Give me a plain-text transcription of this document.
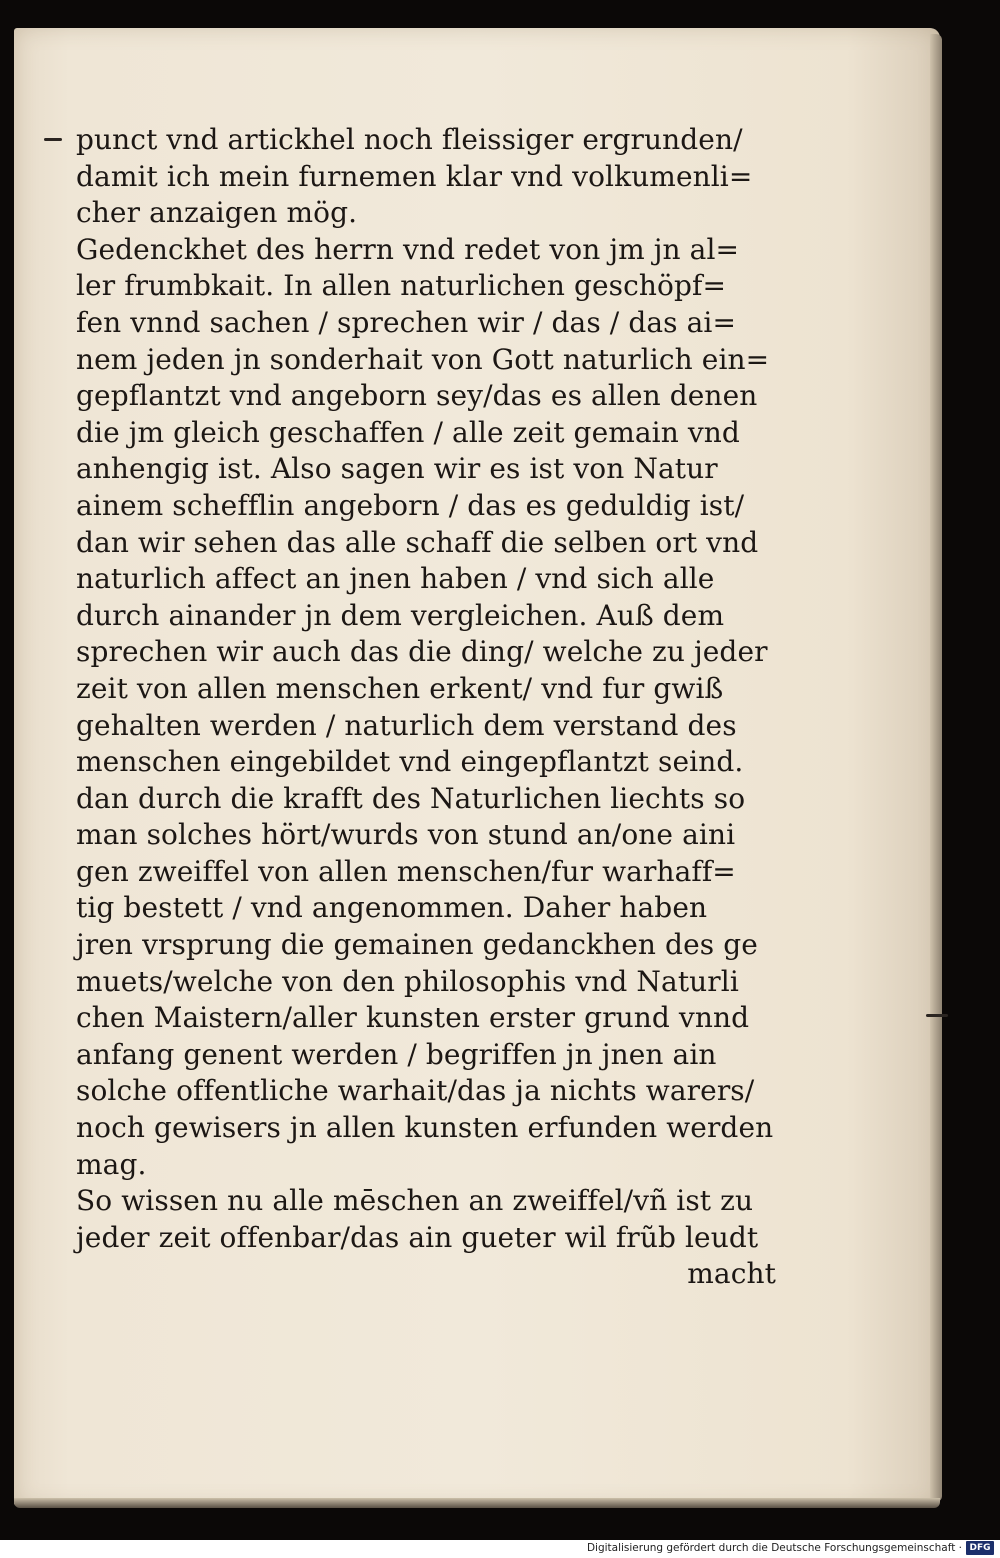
punct vnd artickhel noch fleissiger ergrunden/
damit ich mein furnemen klar vnd volkumenli=
cher anzaigen mög.
Gedenckhet des herrn vnd redet von jm jn al=
ler frumbkait. In allen naturlichen geschöpf=
fen vnnd sachen / sprechen wir / das / das ai=
nem jeden jn sonderhait von Gott naturlich ein=
gepflantzt vnd angeborn sey/das es allen denen
die jm gleich geschaffen / alle zeit gemain vnd
anhengig ist. Also sagen wir es ist von Natur
ainem schefflin angeborn / das es geduldig ist/
dan wir sehen das alle schaff die selben ort vnd
naturlich affect an jnen haben / vnd sich alle
durch ainander jn dem vergleichen. Auß dem
sprechen wir auch das die ding/ welche zu jeder
zeit von allen menschen erkent/ vnd fur gwiß
gehalten werden / naturlich dem verstand des
menschen eingebildet vnd eingepflantzt seind.
dan durch die krafft des Naturlichen liechts so
man solches hört/wurds von stund an/one aini
gen zweiffel von allen menschen/fur warhaff=
tig bestett / vnd angenommen. Daher haben
jren vrsprung die gemainen gedanckhen des ge
muets/welche von den philosophis vnd Naturli
chen Maistern/aller kunsten erster grund vnnd
anfang genent werden / begriffen jn jnen ain
solche offentliche warhait/das ja nichts warers/
noch gewisers jn allen kunsten erfunden werden
mag.
So wissen nu alle mēschen an zweiffel/vñ ist zu
jeder zeit offenbar/das ain gueter wil frũb leudt
macht
Digitalisierung gefördert durch die Deutsche Forschungsgemeinschaft · DFG
